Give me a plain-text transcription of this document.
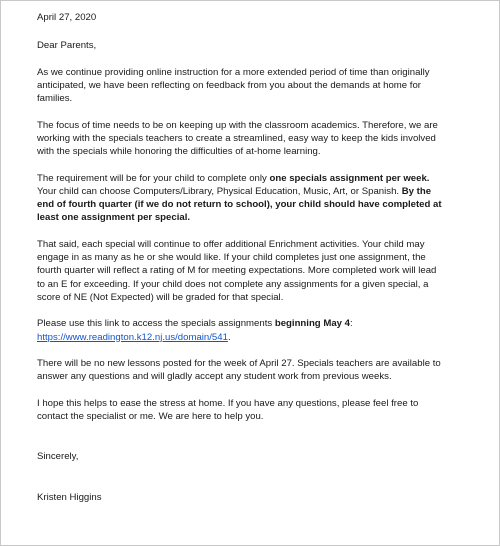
April 27, 2020

Dear Parents,

As we continue providing online instruction for a more extended period of time than originally

anticipated, we have been reflecting on feedback from you about the demands at home for

families.

The focus of time needs to be on keeping up with the classroom academics. Therefore, we are

working with the specials teachers to create a streamlined, easy way to keep the kids involved

with the specials while honoring the difficulties of at-home learning.

The requirement will be for your child to complete only one specials assignment per week.

Your child can choose Computers/Library, Physical Education, Music, Art, or Spanish. By the

end of fourth quarter (if we do not return to school), your child should have completed at

least one assignment per special.

That said, each special will continue to offer additional Enrichment activities. Your child may

engage in as many as he or she would like. If your child completes just one assignment, the

fourth quarter will reflect a rating of M for meeting expectations. More completed work will lead

to an E for exceeding. If your child does not complete any assignments for a given special, a

score of NE (Not Expected) will be graded for that special.

Please use this link to access the specials assignments beginning May 4:

https://www.readington.k12.nj.us/domain/541.

There will be no new lessons posted for the week of April 27. Specials teachers are available to

answer any questions and will gladly accept any student work from previous weeks.

I hope this helps to ease the stress at home. If you have any questions, please feel free to

contact the specialist or me. We are here to help you.

Sincerely,

Kristen Higgins
